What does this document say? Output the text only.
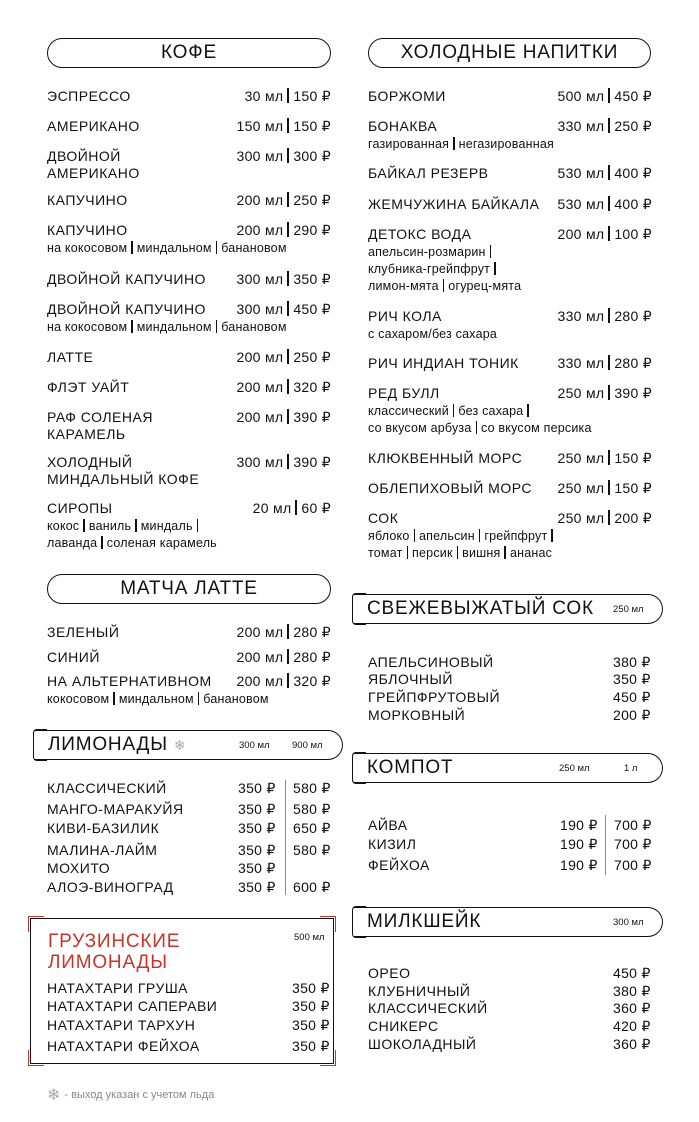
КОФЕ
ЭСПРЕССО	30 мл 150 ₽
АМЕРИКАНО	150 мл 150 ₽
ДВОЙНОЙ
АМЕРИКАНО
300 мл 300 ₽
КАПУЧИНО	200 мл 250 ₽
КАПУЧИНО	200 мл 290 ₽
на кокосовом миндальном банановом
ДВОЙНОЙ КАПУЧИНО 300 мл 350 ₽
ДВОЙНОЙ КАПУЧИНО 300 мл 450 ₽
на кокосовом миндальном банановом
ЛАТТЕ	200 мл 250 ₽
ФЛЭТ УАЙТ	200 мл 320 ₽
РАФ СОЛЕНАЯ
КАРАМЕЛЬ
200 мл 390 ₽
ХОЛОДНЫЙ
МИНДАЛЬНЫЙ КОФЕ
300 мл 390 ₽
СИРОПЫ	20 мл 60 ₽
кокос ваниль миндаль
лаванда соленая карамель
МАТЧА ЛАТТЕ
ЗЕЛЕНЫЙ	200 мл 280 ₽
СИНИЙ	200 мл 280 ₽
НА АЛЬТЕРНАТИВНОМ 200 мл 320 ₽
кокосовом миндальном банановом
ЛИМОНАДЫ ❄	300 мл 900 мл
КЛАССИЧЕСКИЙ	350 ₽ 580 ₽
МАНГО-МАРАКУЙЯ	350 ₽ 580 ₽
КИВИ-БАЗИЛИК	350 ₽ 650 ₽
МАЛИНА-ЛАЙМ	350 ₽ 580 ₽
МОХИТО	350 ₽
АЛОЭ-ВИНОГРАД	350 ₽ 600 ₽
ГРУЗИНСКИЕ
ЛИМОНАДЫ
500 мл
НАТАХТАРИ ГРУША	350 ₽
НАТАХТАРИ САПЕРАВИ	350 ₽
НАТАХТАРИ ТАРХУН	350 ₽
НАТАХТАРИ ФЕЙХОА	350 ₽
❄ - выход указан с учетом льда
ХОЛОДНЫЕ НАПИТКИ
БОРЖОМИ	500 мл 450 ₽
БОНАКВА	330 мл 250 ₽
газированная негазированная
БАЙКАЛ РЕЗЕРВ	530 мл 400 ₽
ЖЕМЧУЖИНА БАЙКАЛА 530 мл 400 ₽
ДЕТОКС ВОДА	200 мл 100 ₽
апельсин-розмарин
клубника-грейпфрут
лимон-мята огурец-мята
РИЧ КОЛА	330 мл 280 ₽
с сахаром/без сахара
РИЧ ИНДИАН ТОНИК	330 мл 280 ₽
РЕД БУЛЛ	250 мл 390 ₽
классический без сахара
со вкусом арбуза со вкусом персика
КЛЮКВЕННЫЙ МОРС	250 мл 150 ₽
ОБЛЕПИХОВЫЙ МОРС 250 мл 150 ₽
СОК	250 мл 200 ₽
яблоко апельсин грейпфрут
томат персик вишня ананас
СВЕЖЕВЫЖАТЫЙ СОК 250 мл
АПЕЛЬСИНОВЫЙ	380 ₽
ЯБЛОЧНЫЙ	350 ₽
ГРЕЙПФРУТОВЫЙ	450 ₽
МОРКОВНЫЙ	200 ₽
КОМПОТ	250 мл	1 л
АЙВА	190 ₽ 700 ₽
КИЗИЛ	190 ₽ 700 ₽
ФЕЙХОА	190 ₽ 700 ₽
МИЛКШЕЙК	300 мл
ОРЕО	450 ₽
КЛУБНИЧНЫЙ	380 ₽
КЛАССИЧЕСКИЙ	360 ₽
СНИКЕРС	420 ₽
ШОКОЛАДНЫЙ	360 ₽
